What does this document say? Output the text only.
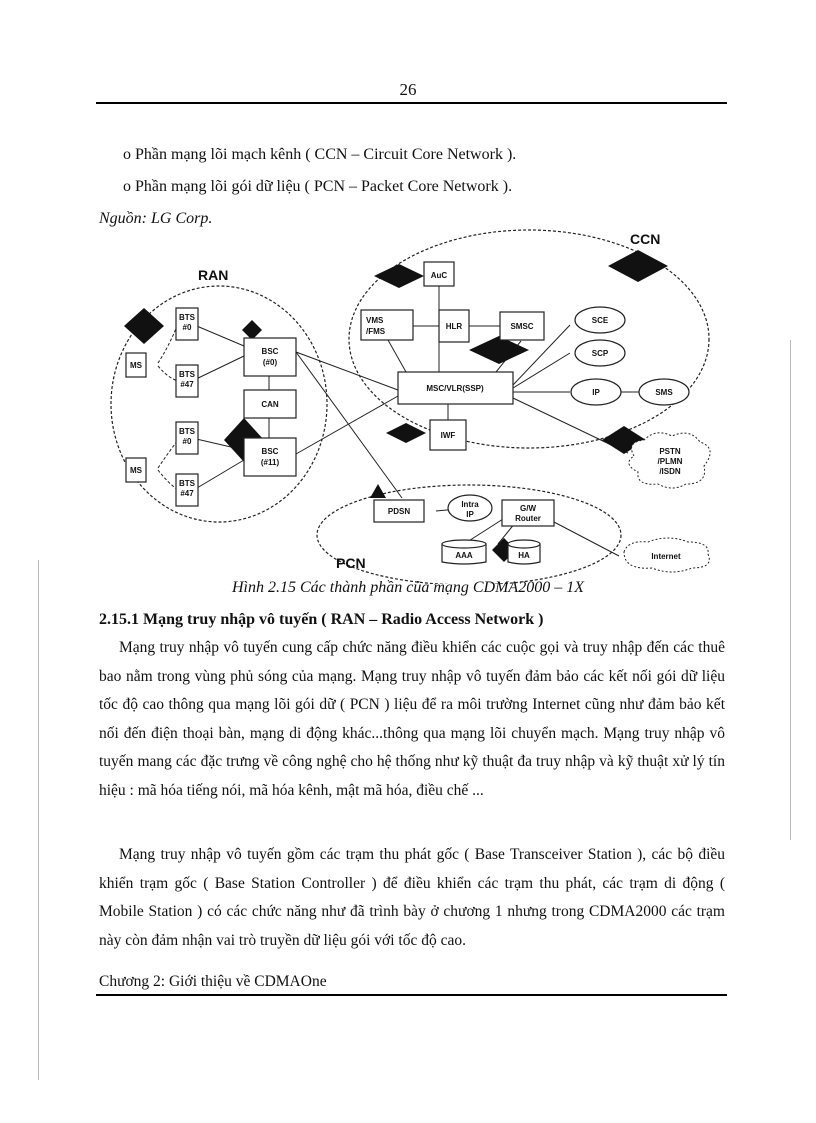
26
o Phần mạng lõi mạch kênh ( CCN – Circuit Core Network ).
o Phần mạng lõi gói dữ liệu ( PCN – Packet Core Network ).
Nguồn: LG Corp.
CCN
RAN
PCN
AuC
VMS
/FMS
HLR	SMSC
SCE
SCP
MSC/VLR(SSP)	IP	SMS
IWF
PSTN
/PLMN
/ISDN
BTS
#0
BTS
#47
BTS
#0
BTS
#47
MS
MS
BSC
(#0)
CAN
BSC
(#11)
PDSN
Intra
IP
G/W
Router
AAA	HA	Internet
Hình 2.15 Các thành phần của mạng CDMA2000 – 1X
2.15.1 Mạng truy nhập vô tuyến ( RAN – Radio Access Network )

Mạng truy nhập vô tuyến cung cấp chức năng điều khiển các cuộc gọi và truy nhập đến các thuê bao nằm trong vùng phủ sóng của mạng. Mạng truy nhập vô tuyến đảm bảo các kết nối gói dữ liệu tốc độ cao thông qua mạng lõi gói dữ ( PCN ) liệu để ra môi trường Internet cũng như đảm bảo kết nối đến điện thoại bàn, mạng di động khác...thông qua mạng lõi chuyển mạch. Mạng truy nhập vô tuyến mang các đặc trưng về công nghệ cho hệ thống như kỹ thuật đa truy nhập và kỹ thuật xử lý tín hiệu : mã hóa tiếng nói, mã hóa kênh, mật mã hóa, điều chế ...

Mạng truy nhập vô tuyến gồm các trạm thu phát gốc ( Base Transceiver Station ), các bộ điều khiển trạm gốc ( Base Station Controller ) để điều khiển các trạm thu phát, các trạm di động ( Mobile Station ) có các chức năng như đã trình bày ở chương 1 nhưng trong CDMA2000 các trạm này còn đảm nhận vai trò truyền dữ liệu gói với tốc độ cao.

Chương 2: Giới thiệu về CDMAOne
